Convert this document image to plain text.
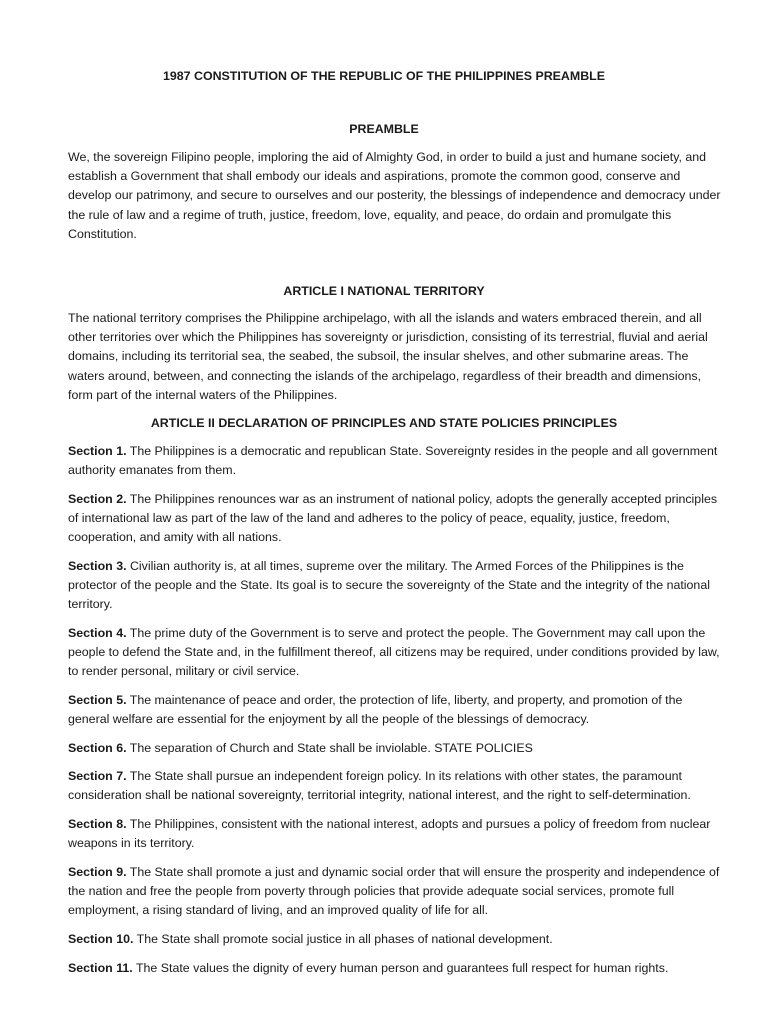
1987 CONSTITUTION OF THE REPUBLIC OF THE PHILIPPINES PREAMBLE

PREAMBLE

We, the sovereign Filipino people, imploring the aid of Almighty God, in order to build a just and humane society, and establish a Government that shall embody our ideals and aspirations, promote the common good, conserve and develop our patrimony, and secure to ourselves and our posterity, the blessings of independence and democracy under the rule of law and a regime of truth, justice, freedom, love, equality, and peace, do ordain and promulgate this Constitution.

ARTICLE I NATIONAL TERRITORY

The national territory comprises the Philippine archipelago, with all the islands and waters embraced therein, and all other territories over which the Philippines has sovereignty or jurisdiction, consisting of its terrestrial, fluvial and aerial domains, including its territorial sea, the seabed, the subsoil, the insular shelves, and other submarine areas. The waters around, between, and connecting the islands of the archipelago, regardless of their breadth and dimensions, form part of the internal waters of the Philippines.

ARTICLE II DECLARATION OF PRINCIPLES AND STATE POLICIES PRINCIPLES

Section 1. The Philippines is a democratic and republican State. Sovereignty resides in the people and all government authority emanates from them.

Section 2. The Philippines renounces war as an instrument of national policy, adopts the generally accepted principles of international law as part of the law of the land and adheres to the policy of peace, equality, justice, freedom, cooperation, and amity with all nations.

Section 3. Civilian authority is, at all times, supreme over the military. The Armed Forces of the Philippines is the protector of the people and the State. Its goal is to secure the sovereignty of the State and the integrity of the national territory.

Section 4. The prime duty of the Government is to serve and protect the people. The Government may call upon the people to defend the State and, in the fulfillment thereof, all citizens may be required, under conditions provided by law, to render personal, military or civil service.

Section 5. The maintenance of peace and order, the protection of life, liberty, and property, and promotion of the general welfare are essential for the enjoyment by all the people of the blessings of democracy.

Section 6. The separation of Church and State shall be inviolable. STATE POLICIES

Section 7. The State shall pursue an independent foreign policy. In its relations with other states, the paramount consideration shall be national sovereignty, territorial integrity, national interest, and the right to self-determination.

Section 8. The Philippines, consistent with the national interest, adopts and pursues a policy of freedom from nuclear weapons in its territory.

Section 9. The State shall promote a just and dynamic social order that will ensure the prosperity and independence of the nation and free the people from poverty through policies that provide adequate social services, promote full employment, a rising standard of living, and an improved quality of life for all.

Section 10. The State shall promote social justice in all phases of national development.

Section 11. The State values the dignity of every human person and guarantees full respect for human rights.
